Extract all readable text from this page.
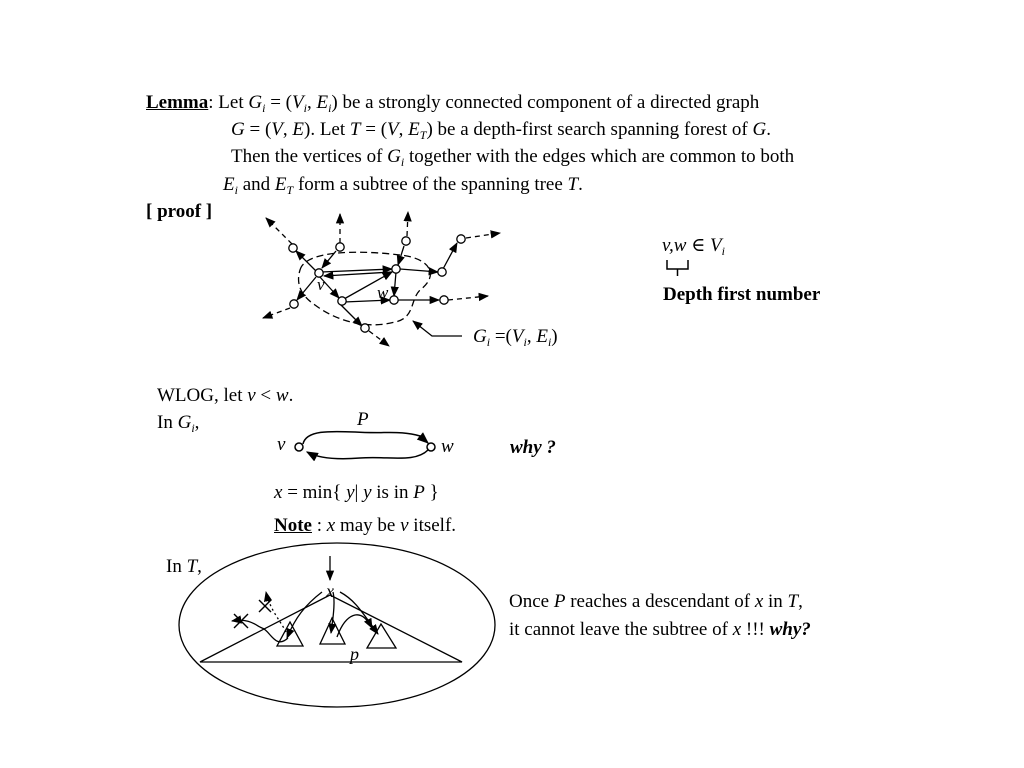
Lemma: Let $G_i = (V_i$, $E_i$) be a strongly connected component of a directed graph
G = (V, E). Let T = (V, $E_T$) be a depth-first search spanning forest of G.
Then the vertices of $G_i$ together with the edges which are common to both
$E_i$ and $E_T$ form a subtree of the spanning tree T.
[ proof ]
v	w
$G_i =(V_i$, $E_i$)
v,w ∈ $V_i$
Depth first number
WLOG, let v < w.
In $G_i$,	P
v	w	why ?
x = min{ y| y is in P }
Note : x may be v itself.
In T,
x
p
Once P reaches a descendant of x in T,
it cannot leave the subtree of x !!! why?
